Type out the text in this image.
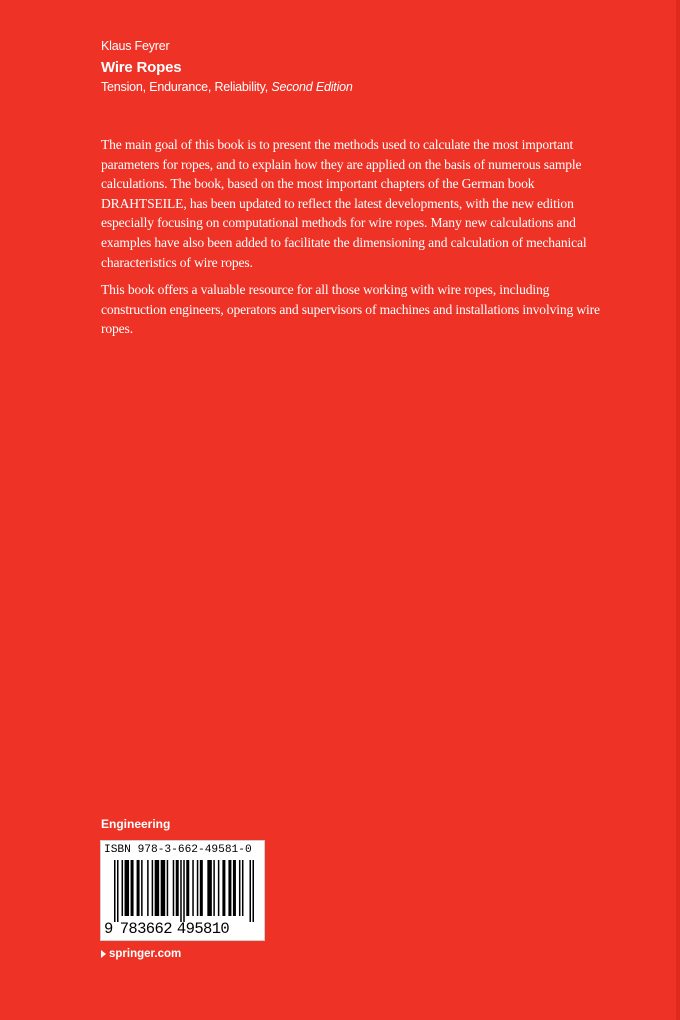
Klaus Feyrer
Wire Ropes
Tension, Endurance, Reliability, Second Edition

The main goal of this book is to present the methods used to calculate the most important parameters for ropes, and to explain how they are applied on the basis of numerous sample calculations. The book, based on the most important chapters of the German book DRAHTSEILE, has been updated to reflect the latest developments, with the new edition especially focusing on computational methods for wire ropes. Many new calculations and examples have also been added to facilitate the dimensioning and calculation of mechanical characteristics of wire ropes.

This book offers a valuable resource for all those working with wire ropes, including construction engineers, operators and supervisors of machines and installations involving wire ropes.

Engineering
ISBN 978-3-662-49581-0
9 783662 495810
springer.com
